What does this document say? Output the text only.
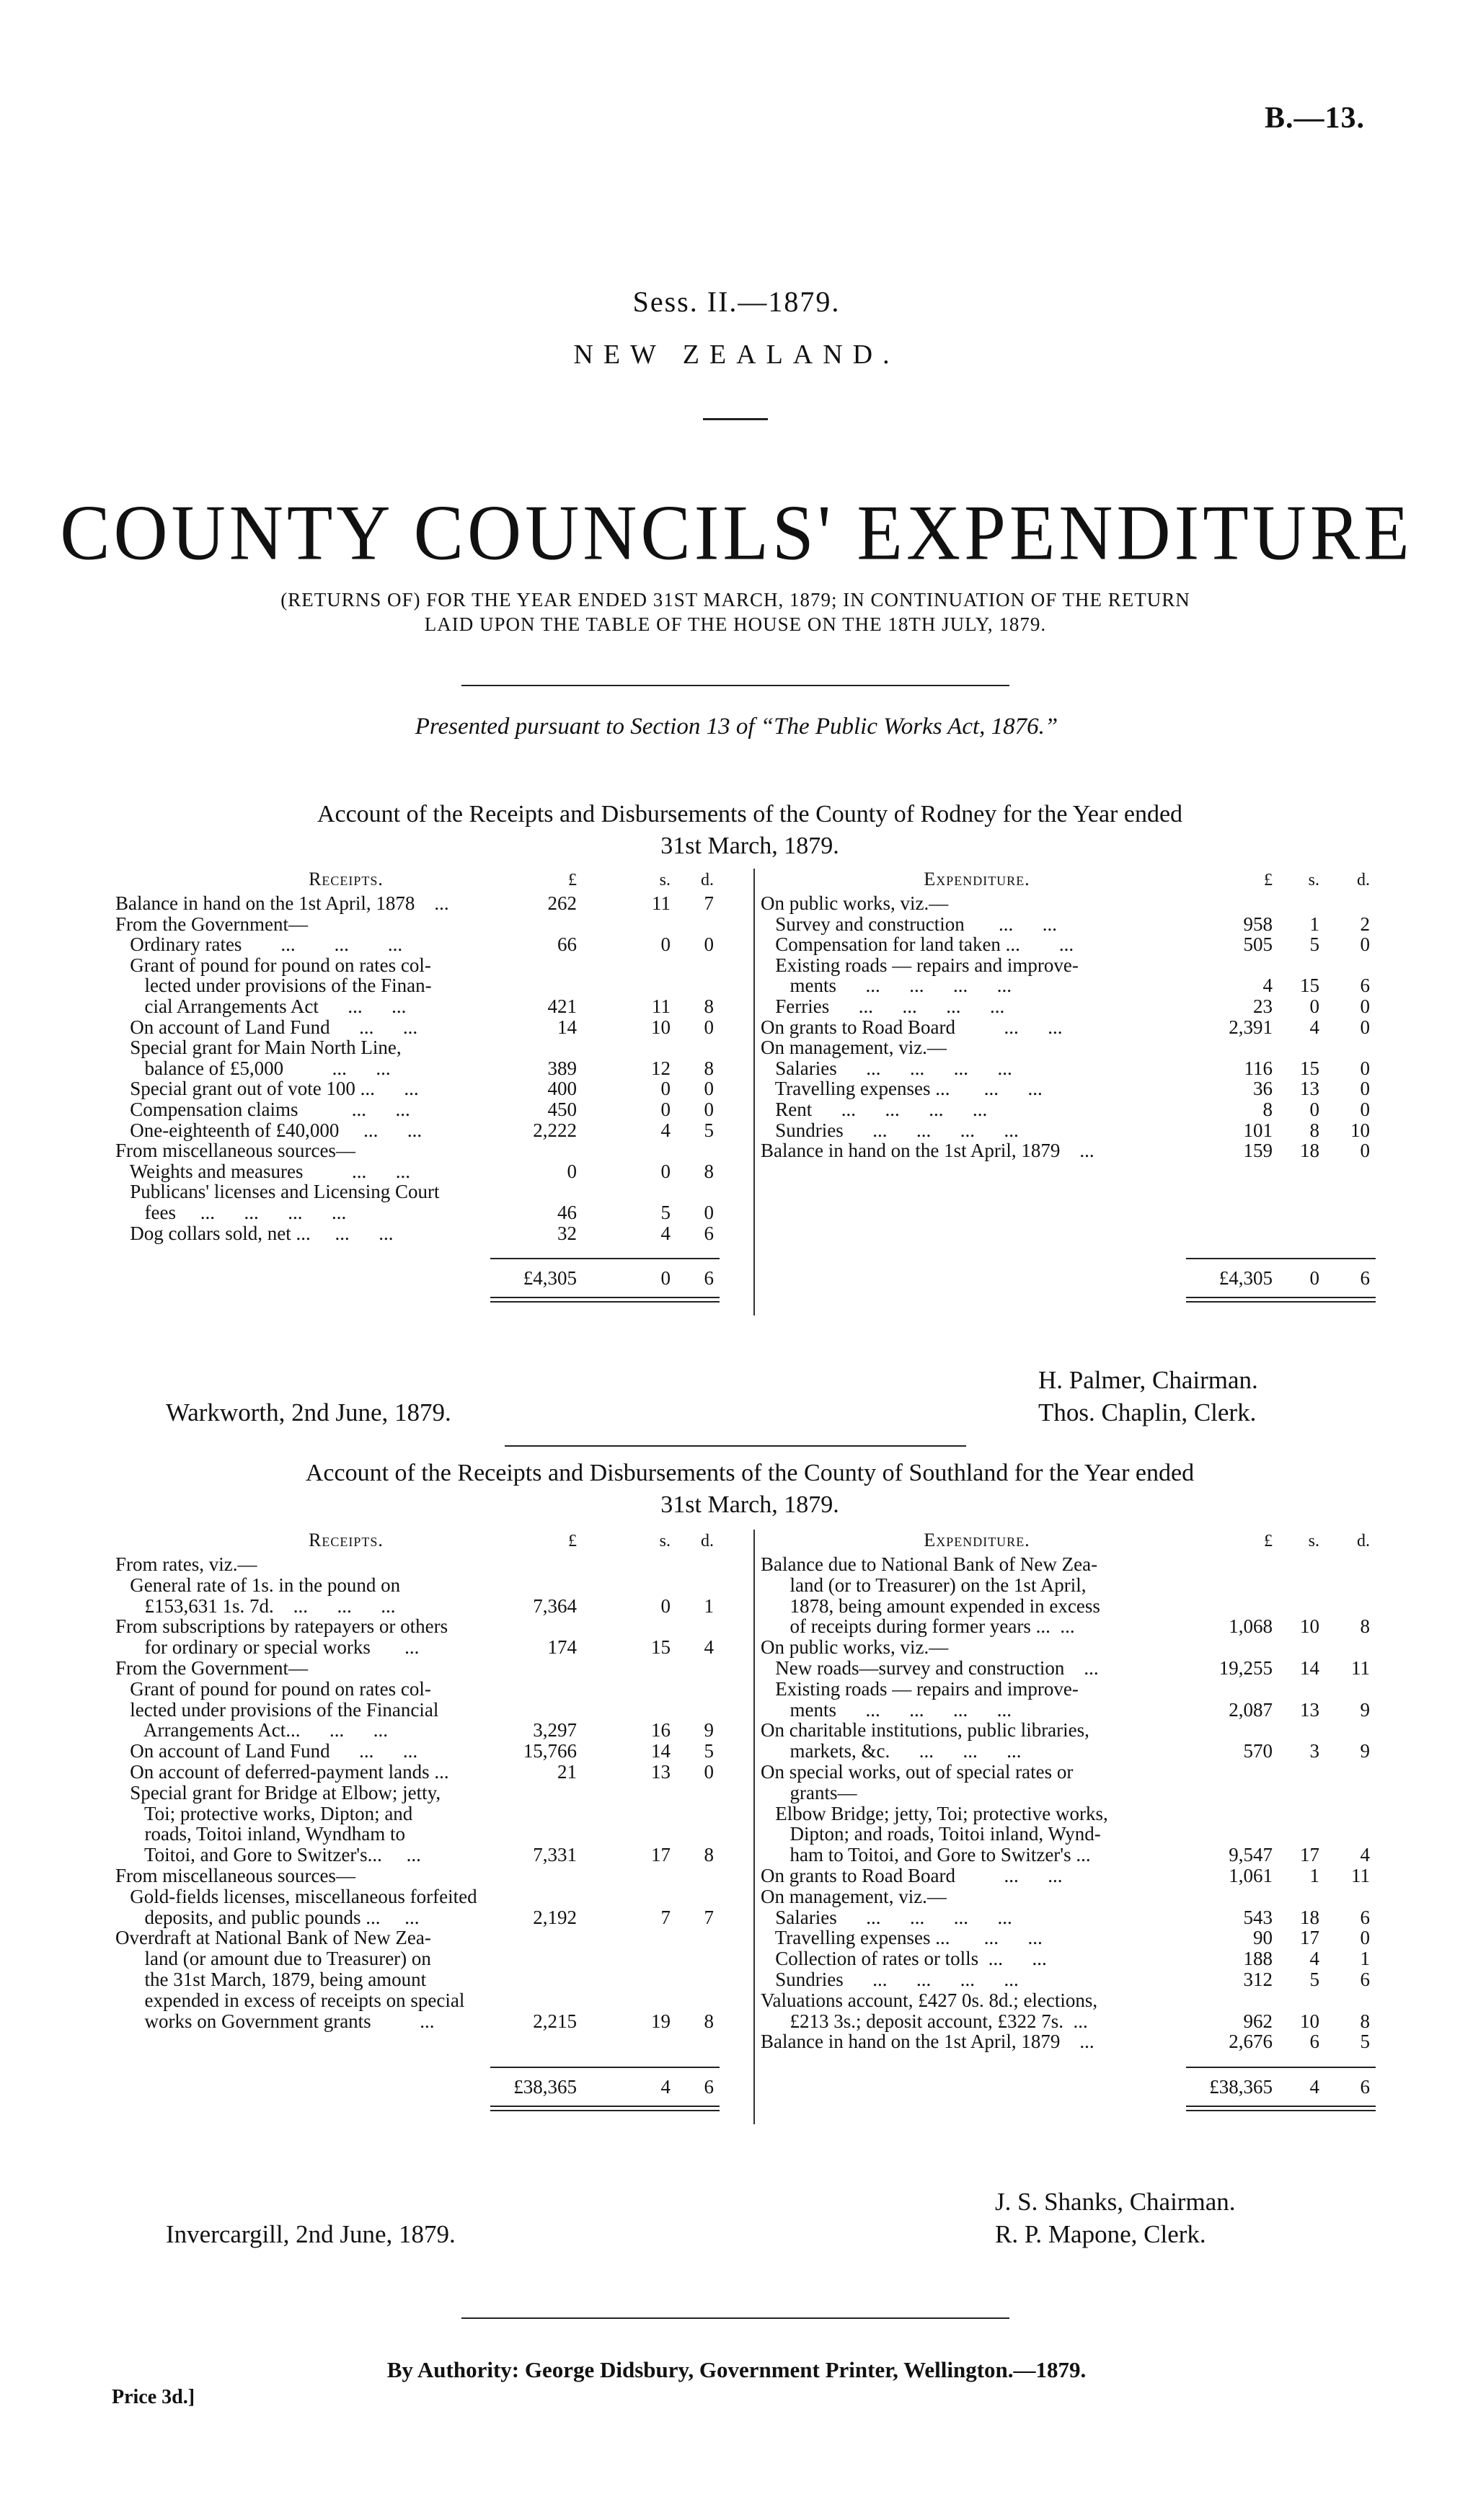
B.—13.
Sess. II.—1879.
NEW ZEALAND.
COUNTY COUNCILS' EXPENDITURE
(RETURNS OF) FOR THE YEAR ENDED 31ST MARCH, 1879; IN CONTINUATION OF THE RETURN
LAID UPON THE TABLE OF THE HOUSE ON THE 18TH JULY, 1879.
Presented pursuant to Section 13 of “The Public Works Act, 1876.”
Account of the Receipts and Disbursements of the County of Rodney for the Year ended
31st March, 1879.
Receipts.	Expenditure.
£	s.	d.	£	s.	d.
Balance in hand on the 1st April, 1878    ...	262	11	7
From the Government—
Ordinary rates        ...        ...        ...	66	0	0
Grant of pound for pound on rates col-
lected under provisions of the Finan-
cial Arrangements Act      ...      ...	421	11	8
On account of Land Fund      ...      ...	14	10	0
Special grant for Main North Line,
balance of £5,000          ...      ...	389	12	8
Special grant out of vote 100 ...      ...	400	0	0
Compensation claims           ...      ...	450	0	0
One-eighteenth of £40,000     ...      ...	2,222	4	5
From miscellaneous sources—
Weights and measures          ...      ...	0	0	8
Publicans' licenses and Licensing Court
fees     ...      ...      ...      ...	46	5	0
Dog collars sold, net ...     ...      ...	32	4	6
On public works, viz.—
Survey and construction       ...      ...	958	1	2
Compensation for land taken ...        ...	505	5	0
Existing roads — repairs and improve-
ments      ...      ...      ...      ...	4	15	6
Ferries      ...      ...      ...      ...	23	0	0
On grants to Road Board          ...      ...	2,391	4	0
On management, viz.—
Salaries      ...      ...      ...      ...	116	15	0
Travelling expenses ...       ...      ...	36	13	0
Rent      ...      ...      ...      ...	8	0	0
Sundries      ...      ...      ...      ...	101	8	10
Balance in hand on the 1st April, 1879    ...	159	18	0
£4,305	0	6	£4,305	0	6
Warkworth, 2nd June, 1879.
H. Palmer, Chairman.
Thos. Chaplin, Clerk.
Account of the Receipts and Disbursements of the County of Southland for the Year ended
31st March, 1879.
Receipts.	Expenditure.
£	s.	d.	£	s.	d.
From rates, viz.—
General rate of 1s. in the pound on
£153,631 1s. 7d.    ...      ...      ...	7,364	0	1
From subscriptions by ratepayers or others
for ordinary or special works       ...	174	15	4
From the Government—
Grant of pound for pound on rates col-
lected under provisions of the Financial
Arrangements Act...      ...      ...	3,297	16	9
On account of Land Fund      ...      ...	15,766	14	5
On account of deferred-payment lands ...	21	13	0
Special grant for Bridge at Elbow; jetty,
Toi; protective works, Dipton; and
roads, Toitoi inland, Wyndham to
Toitoi, and Gore to Switzer's...     ...	7,331	17	8
From miscellaneous sources—
Gold-fields licenses, miscellaneous forfeited
deposits, and public pounds ...     ...	2,192	7	7
Overdraft at National Bank of New Zea-
land (or amount due to Treasurer) on
the 31st March, 1879, being amount
expended in excess of receipts on special
works on Government grants          ...	2,215	19	8
Balance due to National Bank of New Zea-
land (or to Treasurer) on the 1st April,
1878, being amount expended in excess
of receipts during former years ...  ...	1,068	10	8
On public works, viz.—
New roads—survey and construction    ...	19,255	14	11
Existing roads — repairs and improve-
ments      ...      ...      ...      ...	2,087	13	9
On charitable institutions, public libraries,
markets, &c.      ...      ...      ...	570	3	9
On special works, out of special rates or
grants—
Elbow Bridge; jetty, Toi; protective works,
Dipton; and roads, Toitoi inland, Wynd-
ham to Toitoi, and Gore to Switzer's ...	9,547	17	4
On grants to Road Board          ...      ...	1,061	1	11
On management, viz.—
Salaries      ...      ...      ...      ...	543	18	6
Travelling expenses ...       ...      ...	90	17	0
Collection of rates or tolls  ...      ...	188	4	1
Sundries      ...      ...      ...      ...	312	5	6
Valuations account, £427 0s. 8d.; elections,
£213 3s.; deposit account, £322 7s.  ...	962	10	8
Balance in hand on the 1st April, 1879    ...	2,676	6	5
£38,365	4	6	£38,365	4	6
Invercargill, 2nd June, 1879.
J. S. Shanks, Chairman.
R. P. Mapone, Clerk.
By Authority: George Didsbury, Government Printer, Wellington.—1879.
Price 3d.]
